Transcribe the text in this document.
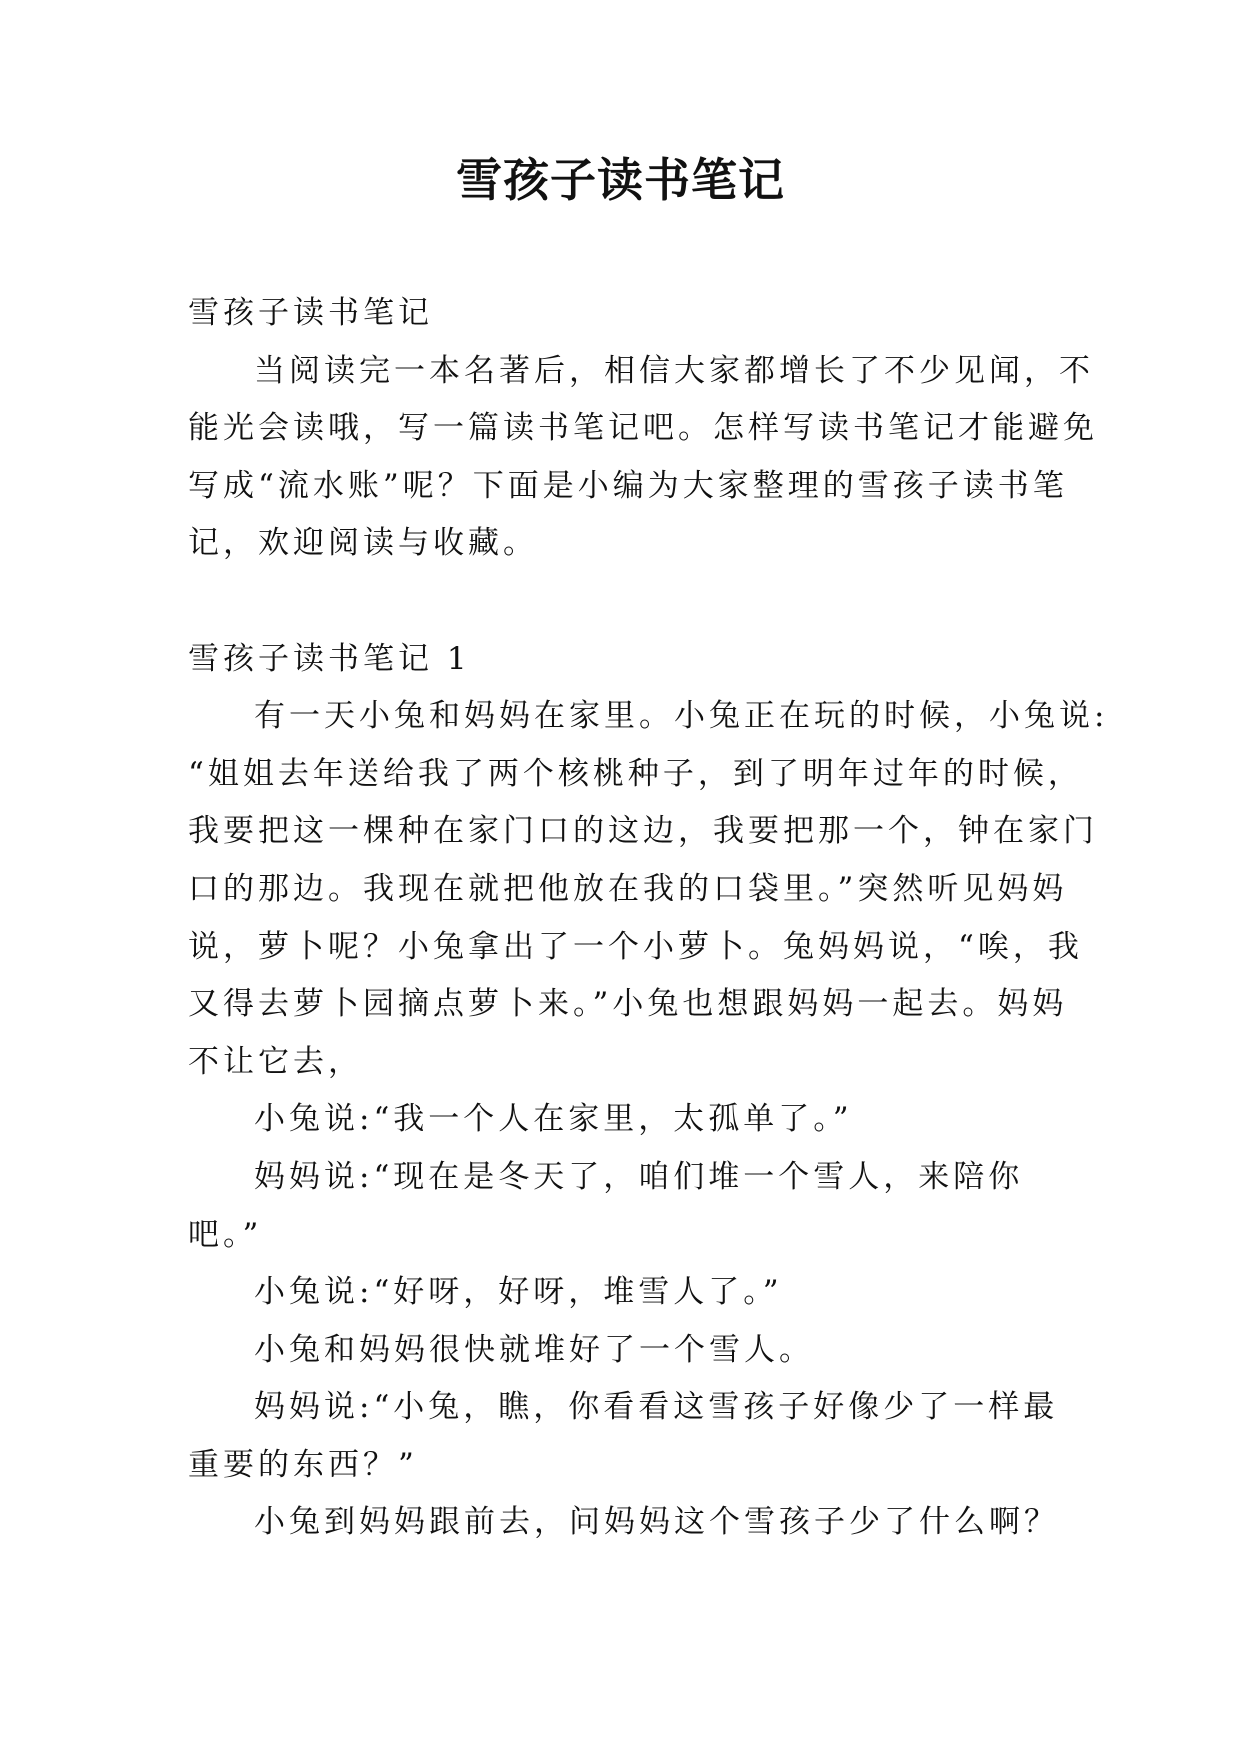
雪孩子读书笔记
雪孩子读书笔记
当阅读完一本名著后，相信大家都增长了不少见闻，不
能光会读哦，写一篇读书笔记吧。怎样写读书笔记才能避免
写成“流水账”呢？下面是小编为大家整理的雪孩子读书笔
记，欢迎阅读与收藏。
雪孩子读书笔记 1
有一天小兔和妈妈在家里。小兔正在玩的时候，小兔说:
“姐姐去年送给我了两个核桃种子，到了明年过年的时候，
我要把这一棵种在家门口的这边，我要把那一个，钟在家门
口的那边。我现在就把他放在我的口袋里。”突然听见妈妈
说，萝卜呢？小兔拿出了一个小萝卜。兔妈妈说，“唉，我
又得去萝卜园摘点萝卜来。”小兔也想跟妈妈一起去。妈妈
不让它去，
小兔说:“我一个人在家里，太孤单了。”
妈妈说:“现在是冬天了，咱们堆一个雪人，来陪你
吧。”
小兔说:“好呀，好呀，堆雪人了。”
小兔和妈妈很快就堆好了一个雪人。
妈妈说:“小兔，瞧，你看看这雪孩子好像少了一样最
重要的东西？”
小兔到妈妈跟前去，问妈妈这个雪孩子少了什么啊？
